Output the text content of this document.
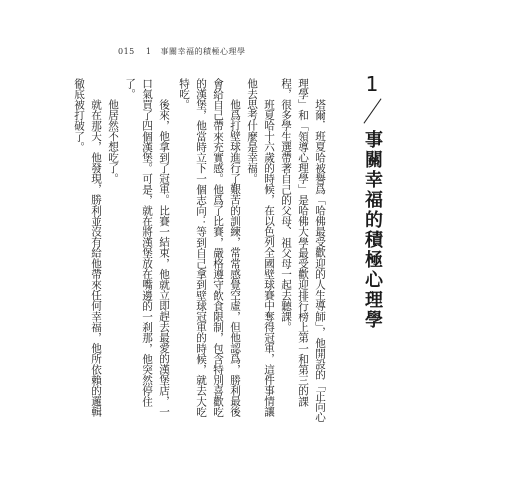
015 1 事關幸福的積極心理學
1
事關幸福的積極心理學

塔爾．班夏哈被譽爲「哈佛最受歡迎的人生導師」，他開設的「正向心理學」和「領導心理學」是哈佛大學最受歡迎排行榜上第一和第三的課程，很多學生選帶著自己的父母、祖父母一起去聽課。

班夏哈十六歲的時候，在以色列全國壁球賽中奪得冠軍，這件事情讓他去思考什麼是幸福。

他爲打壁球進行了艱苦的訓練，常常感覺空虛，但他認爲，勝利最後會給自己帶來充實感。他爲了比賽，嚴格遵守飲食限制，包含特別喜歡吃的漢堡，他當時立下一個志向：等到自己拿到壁球冠軍的時候，就去大吃特吃。

後來，他拿到了冠軍。比賽一結束，他就立即趕去最愛的漢堡店，一口氣買了四個漢堡。可是，就在將漢堡放在嘴邊的一刹那，他突然停住了。

他居然不想吃了。

就在那天，他發現，勝利並沒有給他帶來任何幸福，他所依賴的邏輯徹底被打破了。
